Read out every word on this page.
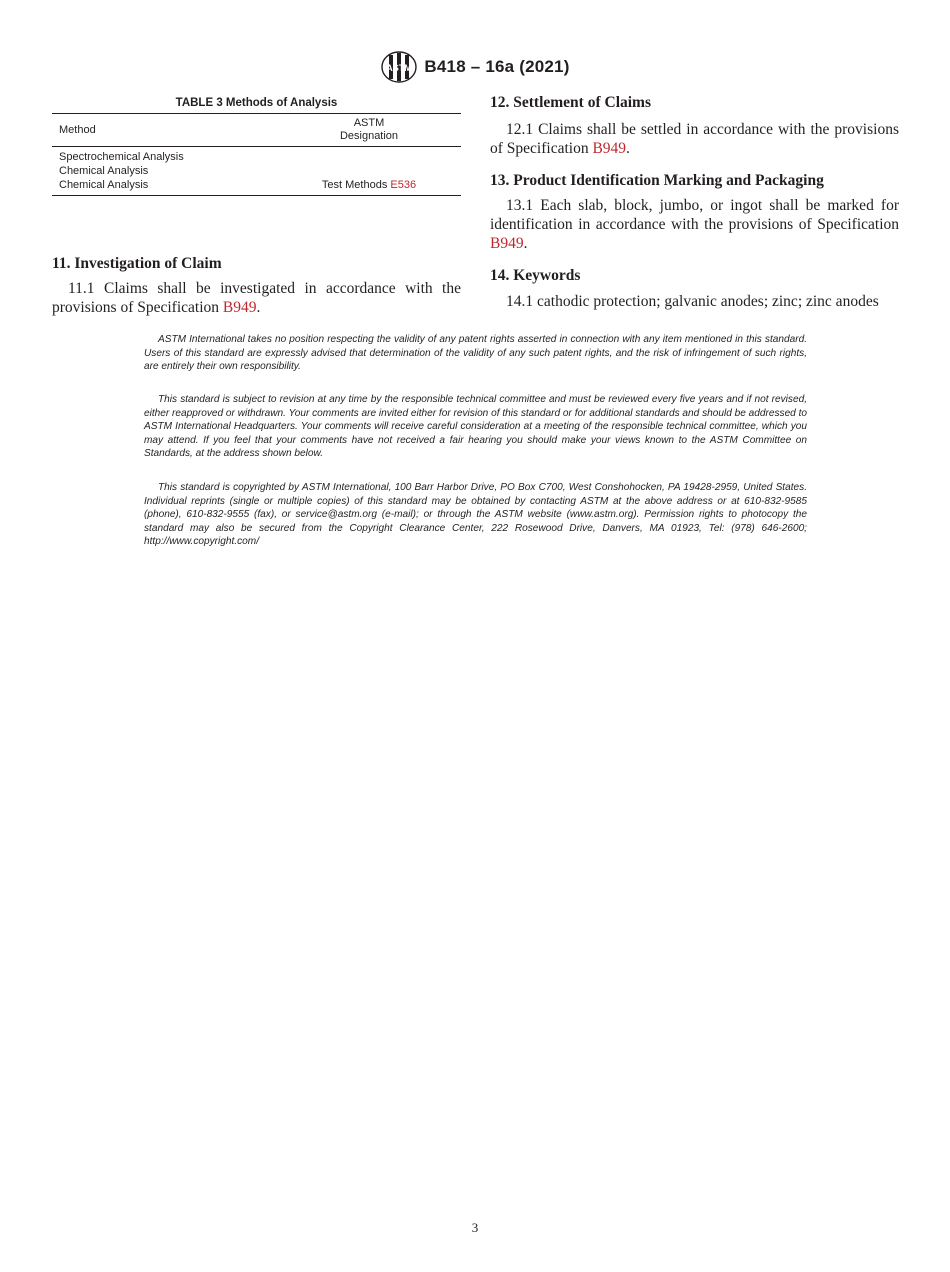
ASTM B418 – 16a (2021)
TABLE 3 Methods of Analysis
Method	ASTM
Designation

Spectrochemical Analysis	
Chemical Analysis	
Chemical Analysis	Test Methods E536
11. Investigation of Claim

11.1 Claims shall be investigated in accordance with the provisions of Specification B949.

12. Settlement of Claims

12.1 Claims shall be settled in accordance with the provisions of Specification B949.

13. Product Identification Marking and Packaging

13.1 Each slab, block, jumbo, or ingot shall be marked for identification in accordance with the provisions of Specification B949.

14. Keywords

14.1 cathodic protection; galvanic anodes; zinc; zinc anodes

ASTM International takes no position respecting the validity of any patent rights asserted in connection with any item mentioned in this standard. Users of this standard are expressly advised that determination of the validity of any such patent rights, and the risk of infringement of such rights, are entirely their own responsibility.

This standard is subject to revision at any time by the responsible technical committee and must be reviewed every five years and if not revised, either reapproved or withdrawn. Your comments are invited either for revision of this standard or for additional standards and should be addressed to ASTM International Headquarters. Your comments will receive careful consideration at a meeting of the responsible technical committee, which you may attend. If you feel that your comments have not received a fair hearing you should make your views known to the ASTM Committee on Standards, at the address shown below.

This standard is copyrighted by ASTM International, 100 Barr Harbor Drive, PO Box C700, West Conshohocken, PA 19428-2959, United States. Individual reprints (single or multiple copies) of this standard may be obtained by contacting ASTM at the above address or at 610-832-9585 (phone), 610-832-9555 (fax), or service@astm.org (e-mail); or through the ASTM website (www.astm.org). Permission rights to photocopy the standard may also be secured from the Copyright Clearance Center, 222 Rosewood Drive, Danvers, MA 01923, Tel: (978) 646-2600; http://www.copyright.com/

3
